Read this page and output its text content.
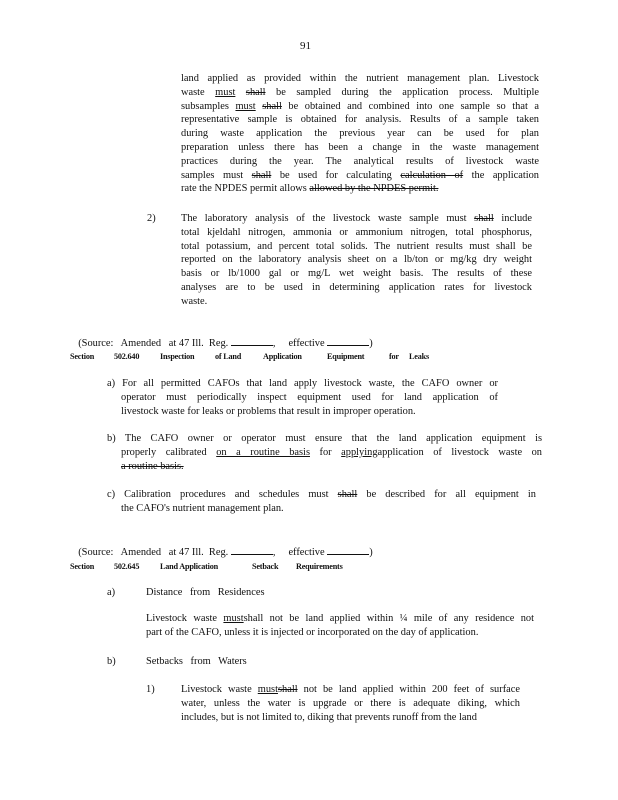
91
land applied as provided within the nutrient management plan. Livestock
waste must shall be sampled during the application process. Multiple
subsamples must shall be obtained and combined into one sample so that a
representative sample is obtained for analysis. Results of a sample taken
during waste application the previous year can be used for plan
preparation unless there has been a change in the waste management
practices during the year. The analytical results of livestock waste
samples must shall be used for calculating calculation of the application
rate the NPDES permit allows allowed by the NPDES permit.
2) The laboratory analysis of the livestock waste sample must shall include
total kjeldahl nitrogen, ammonia or ammonium nitrogen, total phosphorus,
total potassium, and percent total solids. The nutrient results must shall be
reported on the laboratory analysis sheet on a lb/ton or mg/kg dry weight
basis or lb/1000 gal or mg/L wet weight basis. The results of these
analyses are to be used in determining application rates for livestock
waste.

(Source:   Amended   at 47 Ill.  Reg.	,     effective	)

Section	502.640	Inspection	of Land	Application	Equipment	for	Leaks
a) For all permitted CAFOs that land apply livestock waste, the CAFO owner or
operator must periodically inspect equipment used for land application of
livestock waste for leaks or problems that result in improper operation.
b) The CAFO owner or operator must ensure that the land application equipment is
properly calibrated on a routine basis for applyingapplication of livestock waste on
a routine basis.
c) Calibration procedures and schedules must shall be described for all equipment in
the CAFO's nutrient management plan.

(Source:   Amended   at 47 Ill.  Reg.	,     effective	)

Section	502.645	Land Application	Setback	Requirements
a)	Distance from Residences
Livestock waste mustshall not be land applied within ¼ mile of any residence not
part of the CAFO, unless it is injected or incorporated on the day of application.
b)	Setbacks from Waters
1)	Livestock waste mustshall not be land applied within 200 feet of surface
water, unless the water is upgrade or there is adequate diking, which
includes, but is not limited to, diking that prevents runoff from the land
